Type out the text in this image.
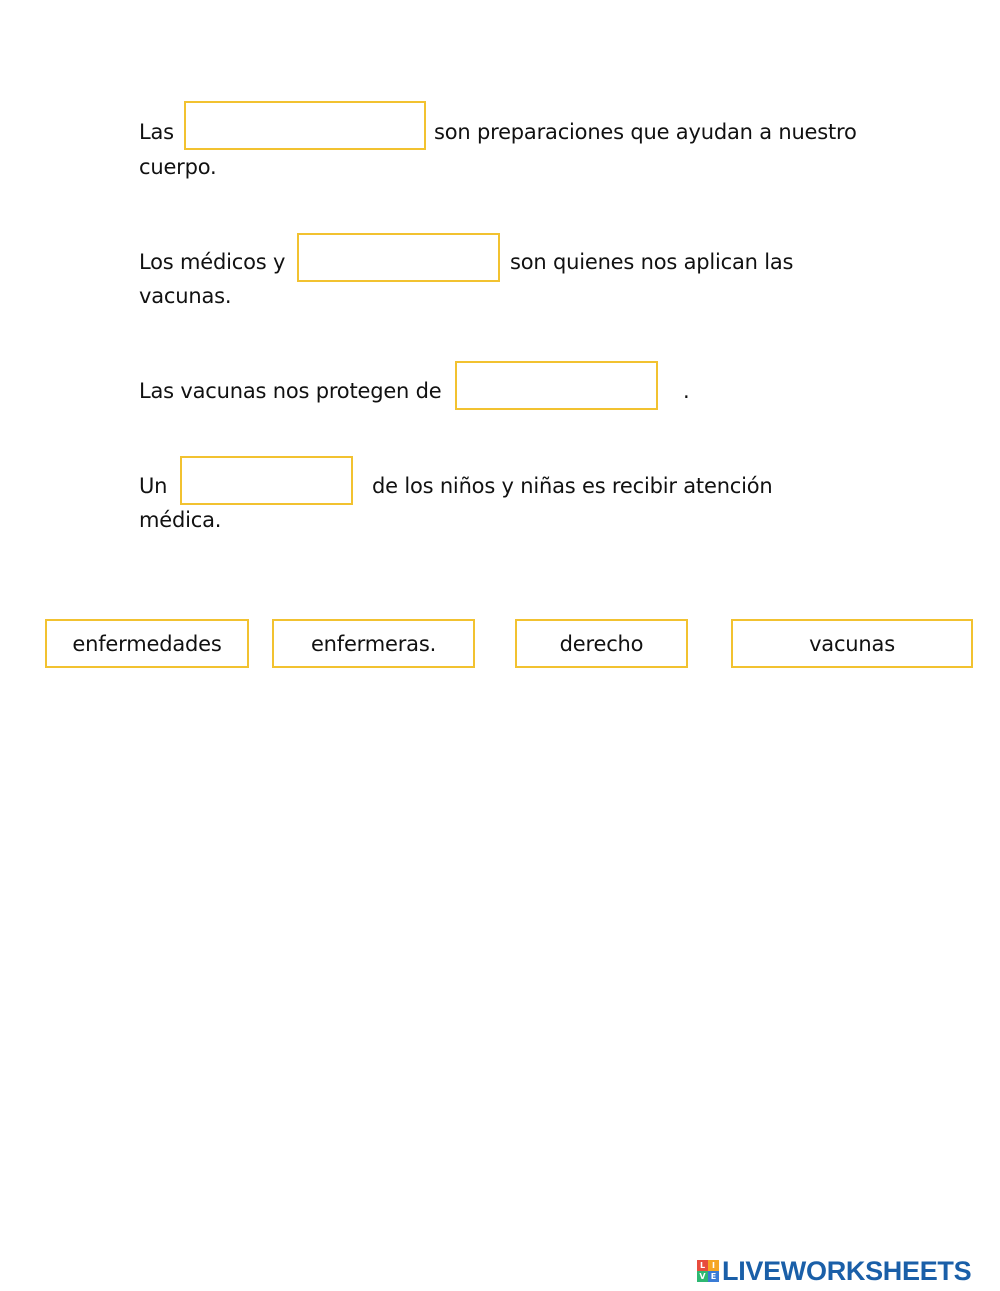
Las	son preparaciones que ayudan a nuestro
cuerpo.
Los médicos y	son quienes nos aplican las
vacunas.
Las vacunas nos protegen de	.
Un	de los niños y niñas es recibir atención
médica.
enfermedades	enfermeras.	derecho	vacunas
L I
V E LIVEWORKSHEETS
